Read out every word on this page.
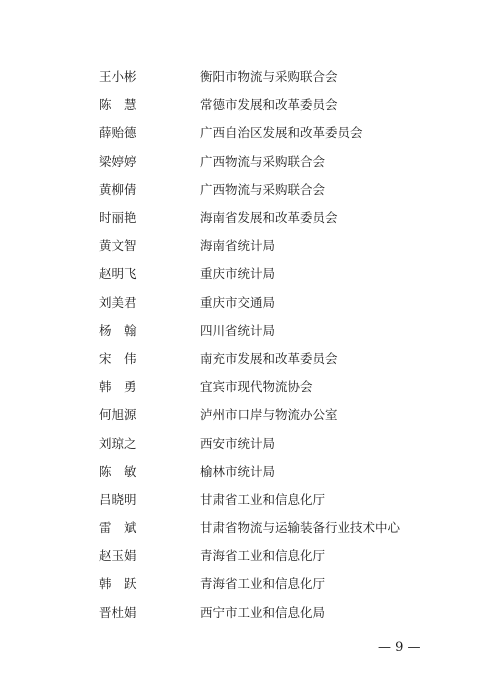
王小彬	衡阳市物流与采购联合会
陈　慧	常德市发展和改革委员会
薛贻德	广西自治区发展和改革委员会
梁婷婷	广西物流与采购联合会
黄柳倩	广西物流与采购联合会
时丽艳	海南省发展和改革委员会
黄文智	海南省统计局
赵明飞	重庆市统计局
刘美君	重庆市交通局
杨　翰	四川省统计局
宋　伟	南充市发展和改革委员会
韩　勇	宜宾市现代物流协会
何旭源	泸州市口岸与物流办公室
刘琼之	西安市统计局
陈　敏	榆林市统计局
吕晓明	甘肃省工业和信息化厅
雷　斌	甘肃省物流与运输装备行业技术中心
赵玉娟	青海省工业和信息化厅
韩　跃	青海省工业和信息化厅
晋杜娟	西宁市工业和信息化局
— 9 —
